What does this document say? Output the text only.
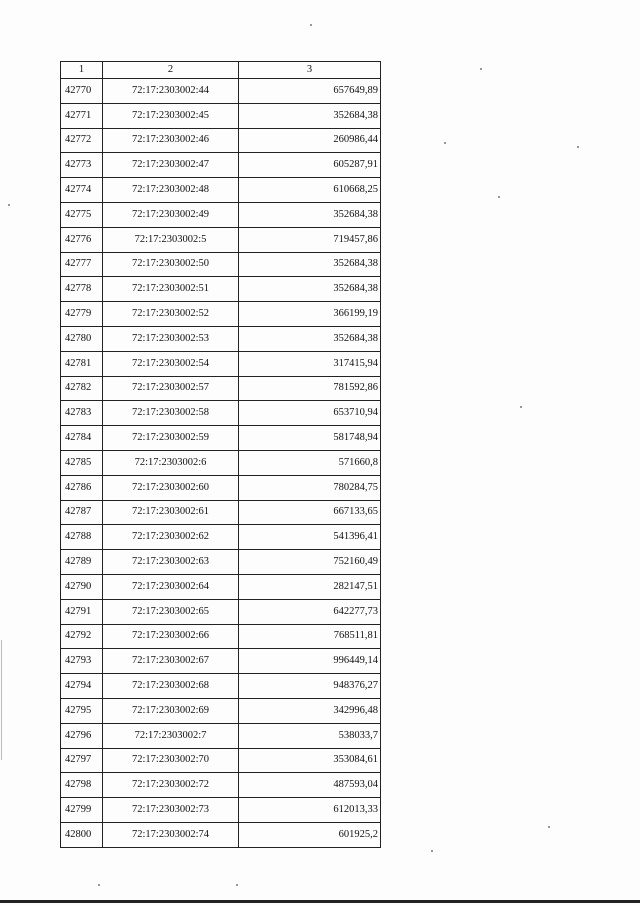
1	2	3
42770	72:17:2303002:44	657649,89
42771	72:17:2303002:45	352684,38
42772	72:17:2303002:46	260986,44
42773	72:17:2303002:47	605287,91
42774	72:17:2303002:48	610668,25
42775	72:17:2303002:49	352684,38
42776	72:17:2303002:5	719457,86
42777	72:17:2303002:50	352684,38
42778	72:17:2303002:51	352684,38
42779	72:17:2303002:52	366199,19
42780	72:17:2303002:53	352684,38
42781	72:17:2303002:54	317415,94
42782	72:17:2303002:57	781592,86
42783	72:17:2303002:58	653710,94
42784	72:17:2303002:59	581748,94
42785	72:17:2303002:6	571660,8
42786	72:17:2303002:60	780284,75
42787	72:17:2303002:61	667133,65
42788	72:17:2303002:62	541396,41
42789	72:17:2303002:63	752160,49
42790	72:17:2303002:64	282147,51
42791	72:17:2303002:65	642277,73
42792	72:17:2303002:66	768511,81
42793	72:17:2303002:67	996449,14
42794	72:17:2303002:68	948376,27
42795	72:17:2303002:69	342996,48
42796	72:17:2303002:7	538033,7
42797	72:17:2303002:70	353084,61
42798	72:17:2303002:72	487593,04
42799	72:17:2303002:73	612013,33
42800	72:17:2303002:74	601925,2
